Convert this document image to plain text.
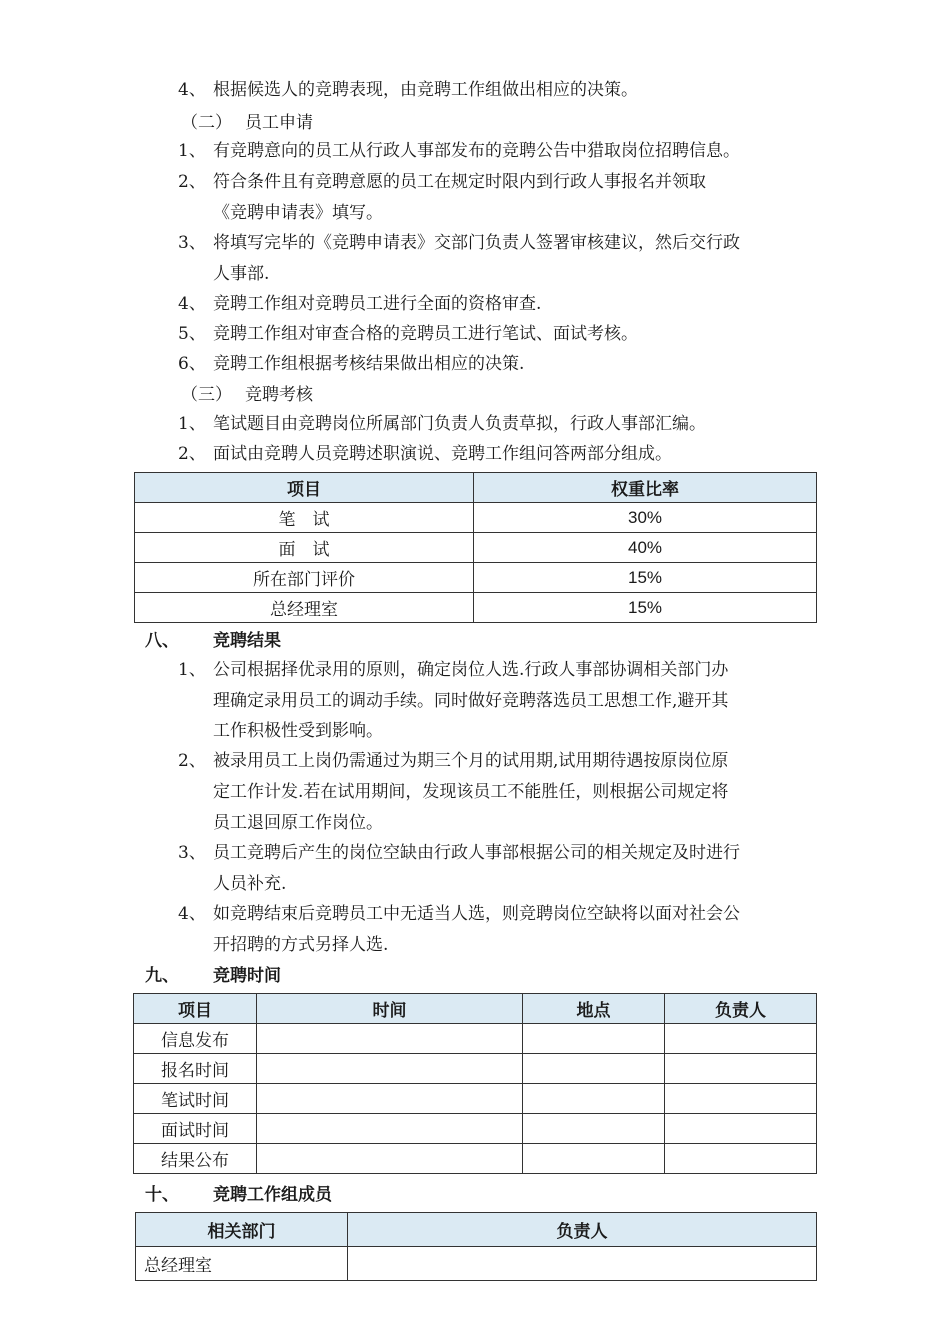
4、 根据候选人的竞聘表现，由竞聘工作组做出相应的决策。
（二） 员工申请
1、 有竞聘意向的员工从行政人事部发布的竞聘公告中猎取岗位招聘信息。
2、 符合条件且有竞聘意愿的员工在规定时限内到行政人事报名并领取
《竞聘申请表》填写。
3、 将填写完毕的《竞聘申请表》交部门负责人签署审核建议，然后交行政
人事部.
4、 竞聘工作组对竞聘员工进行全面的资格审查.
5、 竞聘工作组对审查合格的竞聘员工进行笔试、面试考核。
6、 竞聘工作组根据考核结果做出相应的决策.
（三） 竞聘考核
1、 笔试题目由竞聘岗位所属部门负责人负责草拟，行政人事部汇编。
2、 面试由竞聘人员竞聘述职演说、竞聘工作组问答两部分组成。
项目	权重比率
笔　试	30%
面　试	40%
所在部门评价	15%
总经理室	15%
八、 竞聘结果
1、 公司根据择优录用的原则，确定岗位人选.行政人事部协调相关部门办
理确定录用员工的调动手续。同时做好竞聘落选员工思想工作,避开其
工作积极性受到影响。
2、 被录用员工上岗仍需通过为期三个月的试用期,试用期待遇按原岗位原
定工作计发.若在试用期间，发现该员工不能胜任，则根据公司规定将
员工退回原工作岗位。
3、 员工竞聘后产生的岗位空缺由行政人事部根据公司的相关规定及时进行
人员补充.
4、 如竞聘结束后竞聘员工中无适当人选，则竞聘岗位空缺将以面对社会公
开招聘的方式另择人选.
九、 竞聘时间
项目	时间	地点	负责人
信息发布			
报名时间			
笔试时间			
面试时间			
结果公布			
十、 竞聘工作组成员
相关部门	负责人
总经理室	
